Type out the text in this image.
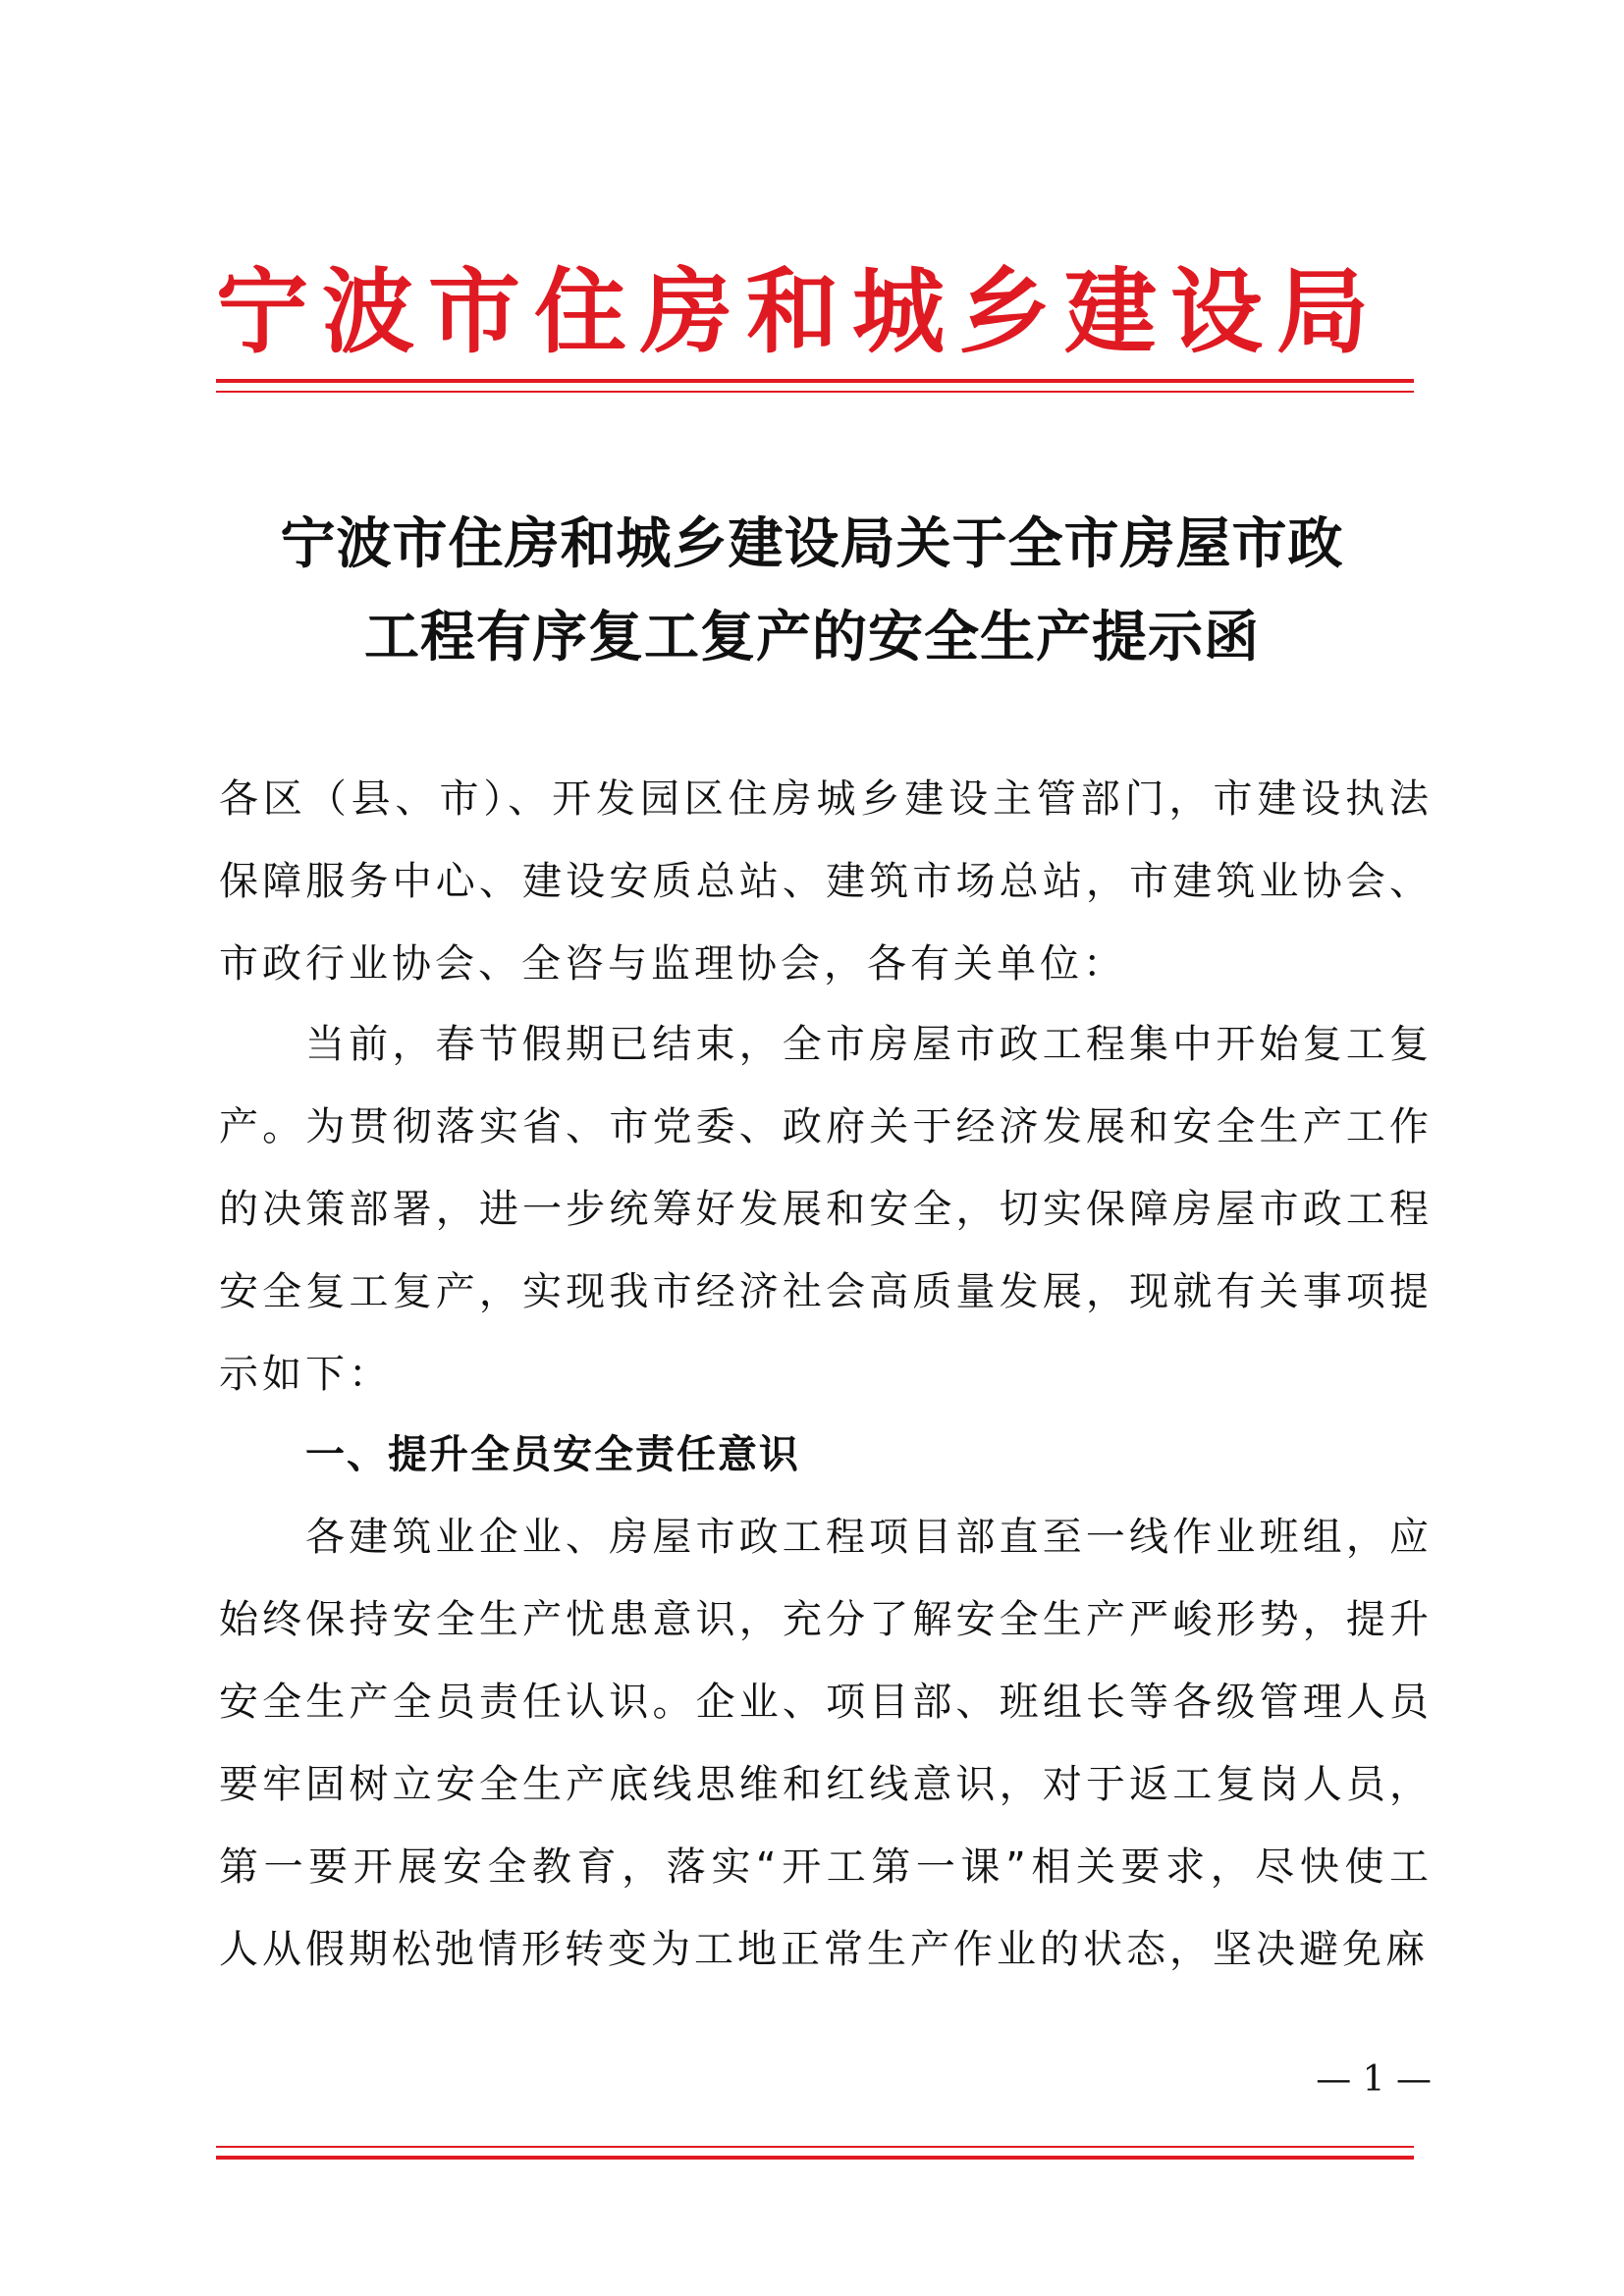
宁波市住房和城乡建设局
宁波市住房和城乡建设局关于全市房屋市政
工程有序复工复产的安全生产提示函
各区（县、市）、开发园区住房城乡建设主管部门，市建设执法保障服务中心、建设安质总站、建筑市场总站，市建筑业协会、市政行业协会、全咨与监理协会，各有关单位：
当前，春节假期已结束，全市房屋市政工程集中开始复工复产。为贯彻落实省、市党委、政府关于经济发展和安全生产工作的决策部署，进一步统筹好发展和安全，切实保障房屋市政工程安全复工复产，实现我市经济社会高质量发展，现就有关事项提示如下：
一、提升全员安全责任意识
各建筑业企业、房屋市政工程项目部直至一线作业班组，应始终保持安全生产忧患意识，充分了解安全生产严峻形势，提升安全生产全员责任认识。企业、项目部、班组长等各级管理人员要牢固树立安全生产底线思维和红线意识，对于返工复岗人员，第一要开展安全教育，落实“开工第一课”相关要求，尽快使工人从假期松弛情形转变为工地正常生产作业的状态，坚决避免麻
— 1 —
